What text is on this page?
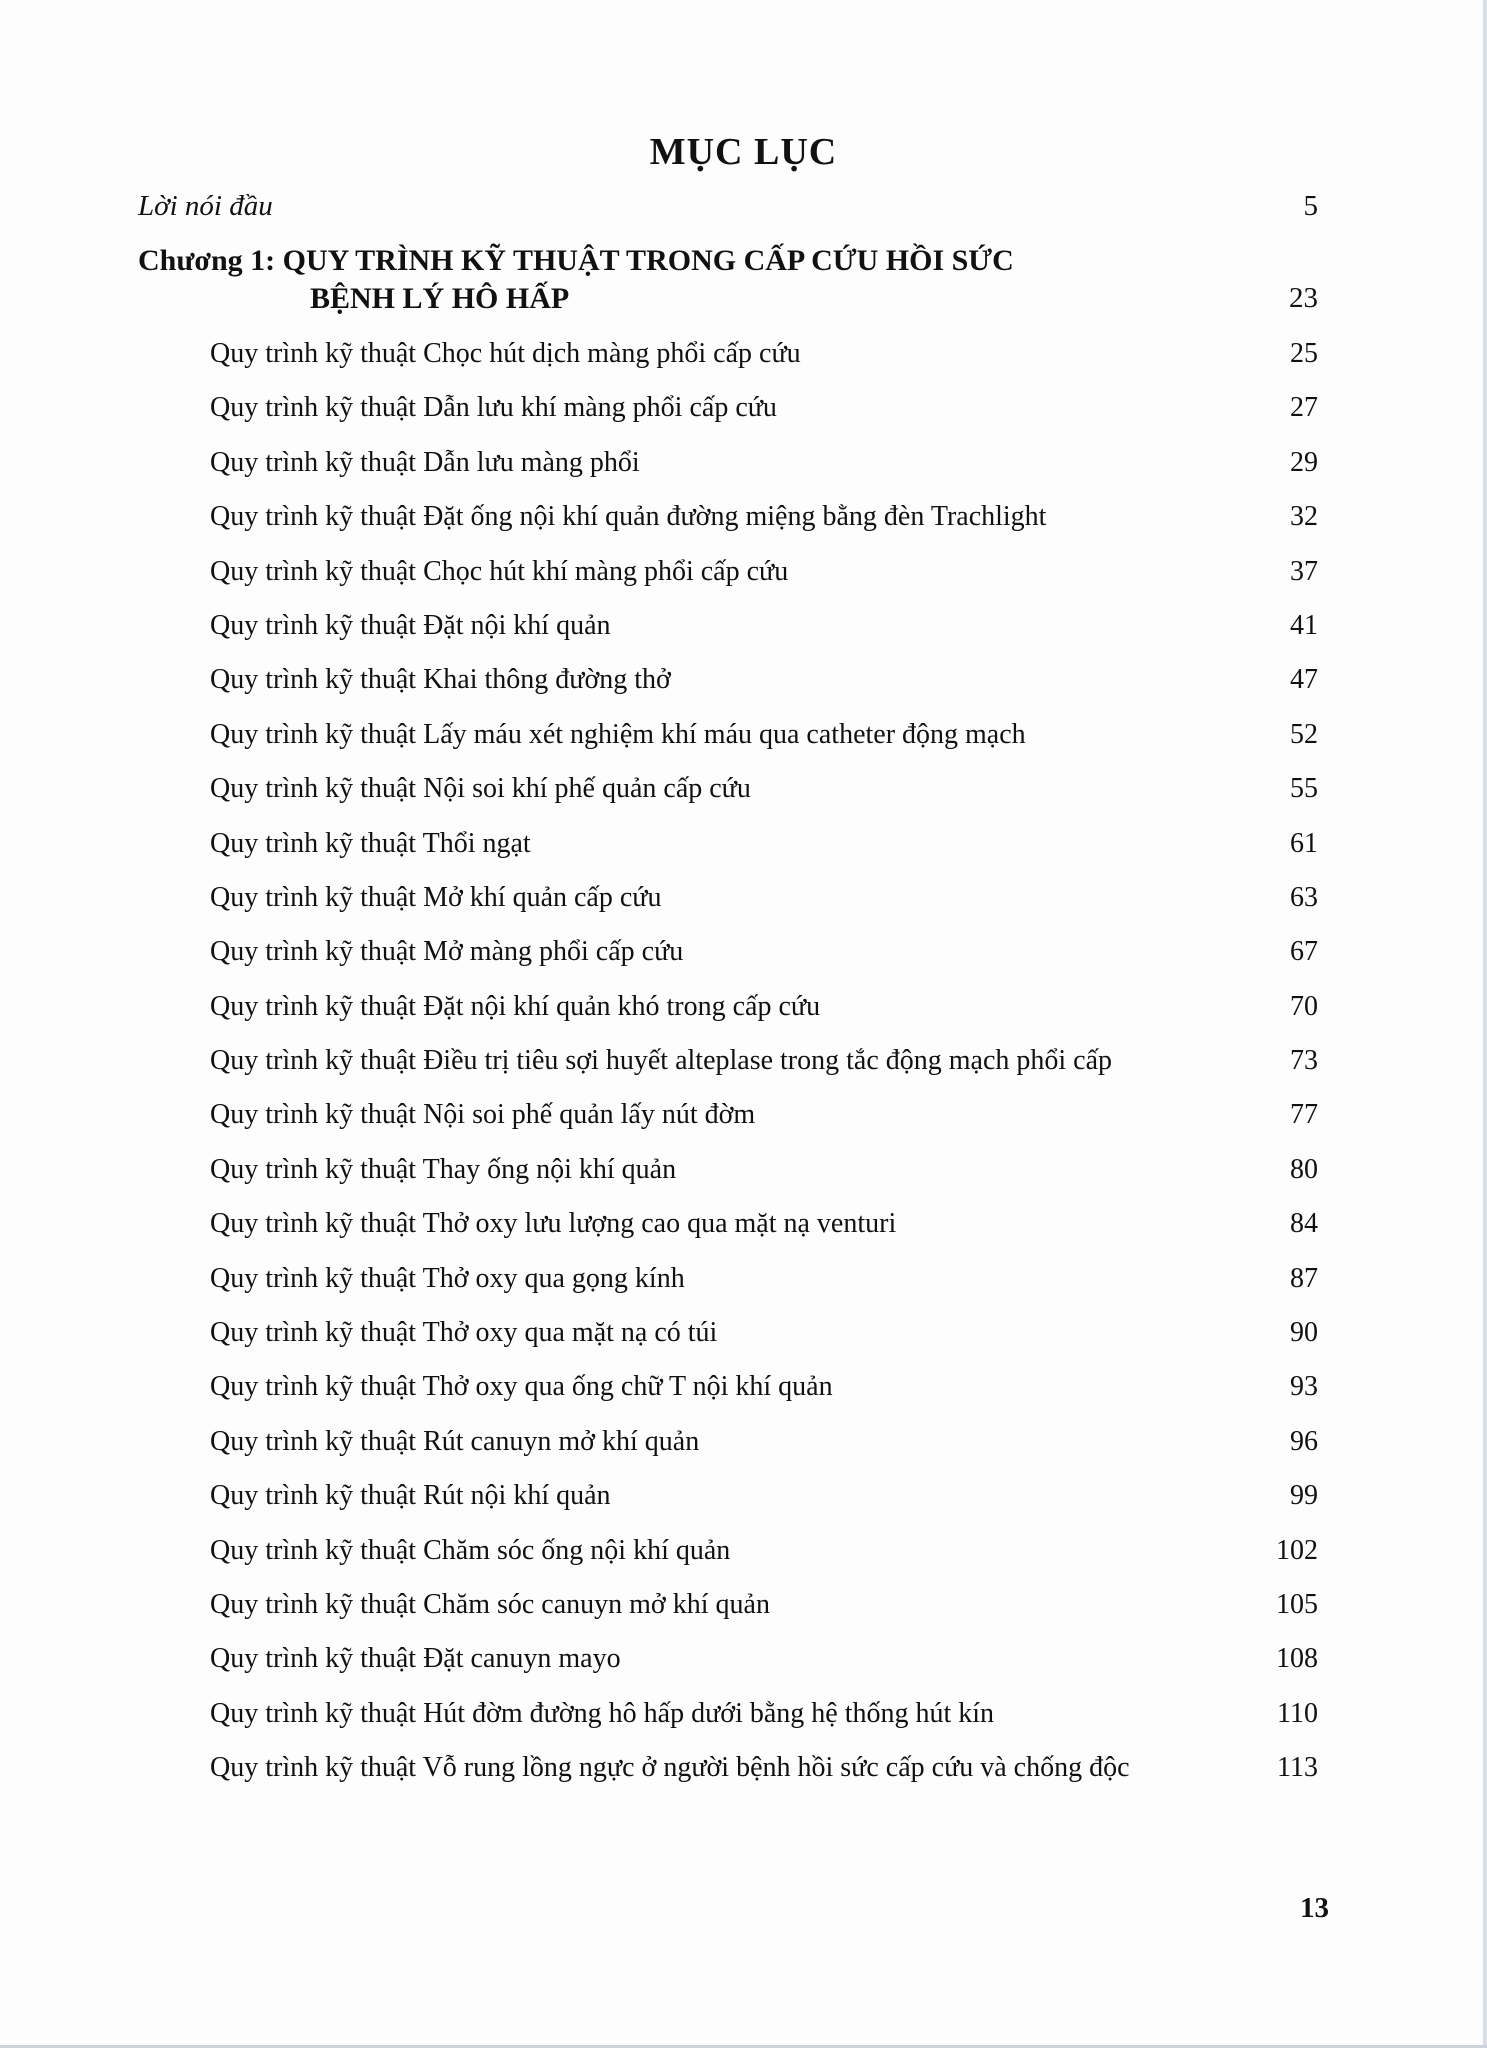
MỤC LỤC
Lời nói đầu	5
Chương 1: QUY TRÌNH KỸ THUẬT TRONG CẤP CỨU HỒI SỨC
BỆNH LÝ HÔ HẤP	23
Quy trình kỹ thuật Chọc hút dịch màng phổi cấp cứu	25
Quy trình kỹ thuật Dẫn lưu khí màng phổi cấp cứu	27
Quy trình kỹ thuật Dẫn lưu màng phổi	29
Quy trình kỹ thuật Đặt ống nội khí quản đường miệng bằng đèn Trachlight	32
Quy trình kỹ thuật Chọc hút khí màng phổi cấp cứu	37
Quy trình kỹ thuật Đặt nội khí quản	41
Quy trình kỹ thuật Khai thông đường thở	47
Quy trình kỹ thuật Lấy máu xét nghiệm khí máu qua catheter động mạch	52
Quy trình kỹ thuật Nội soi khí phế quản cấp cứu	55
Quy trình kỹ thuật Thổi ngạt	61
Quy trình kỹ thuật Mở khí quản cấp cứu	63
Quy trình kỹ thuật Mở màng phổi cấp cứu	67
Quy trình kỹ thuật Đặt nội khí quản khó trong cấp cứu	70
Quy trình kỹ thuật Điều trị tiêu sợi huyết alteplase trong tắc động mạch phổi cấp	73
Quy trình kỹ thuật Nội soi phế quản lấy nút đờm	77
Quy trình kỹ thuật Thay ống nội khí quản	80
Quy trình kỹ thuật Thở oxy lưu lượng cao qua mặt nạ venturi	84
Quy trình kỹ thuật Thở oxy qua gọng kính	87
Quy trình kỹ thuật Thở oxy qua mặt nạ có túi	90
Quy trình kỹ thuật Thở oxy qua ống chữ T nội khí quản	93
Quy trình kỹ thuật Rút canuyn mở khí quản	96
Quy trình kỹ thuật Rút nội khí quản	99
Quy trình kỹ thuật Chăm sóc ống nội khí quản	102
Quy trình kỹ thuật Chăm sóc canuyn mở khí quản	105
Quy trình kỹ thuật Đặt canuyn mayo	108
Quy trình kỹ thuật Hút đờm đường hô hấp dưới bằng hệ thống hút kín	110
Quy trình kỹ thuật Vỗ rung lồng ngực ở người bệnh hồi sức cấp cứu và chống độc	113
13
